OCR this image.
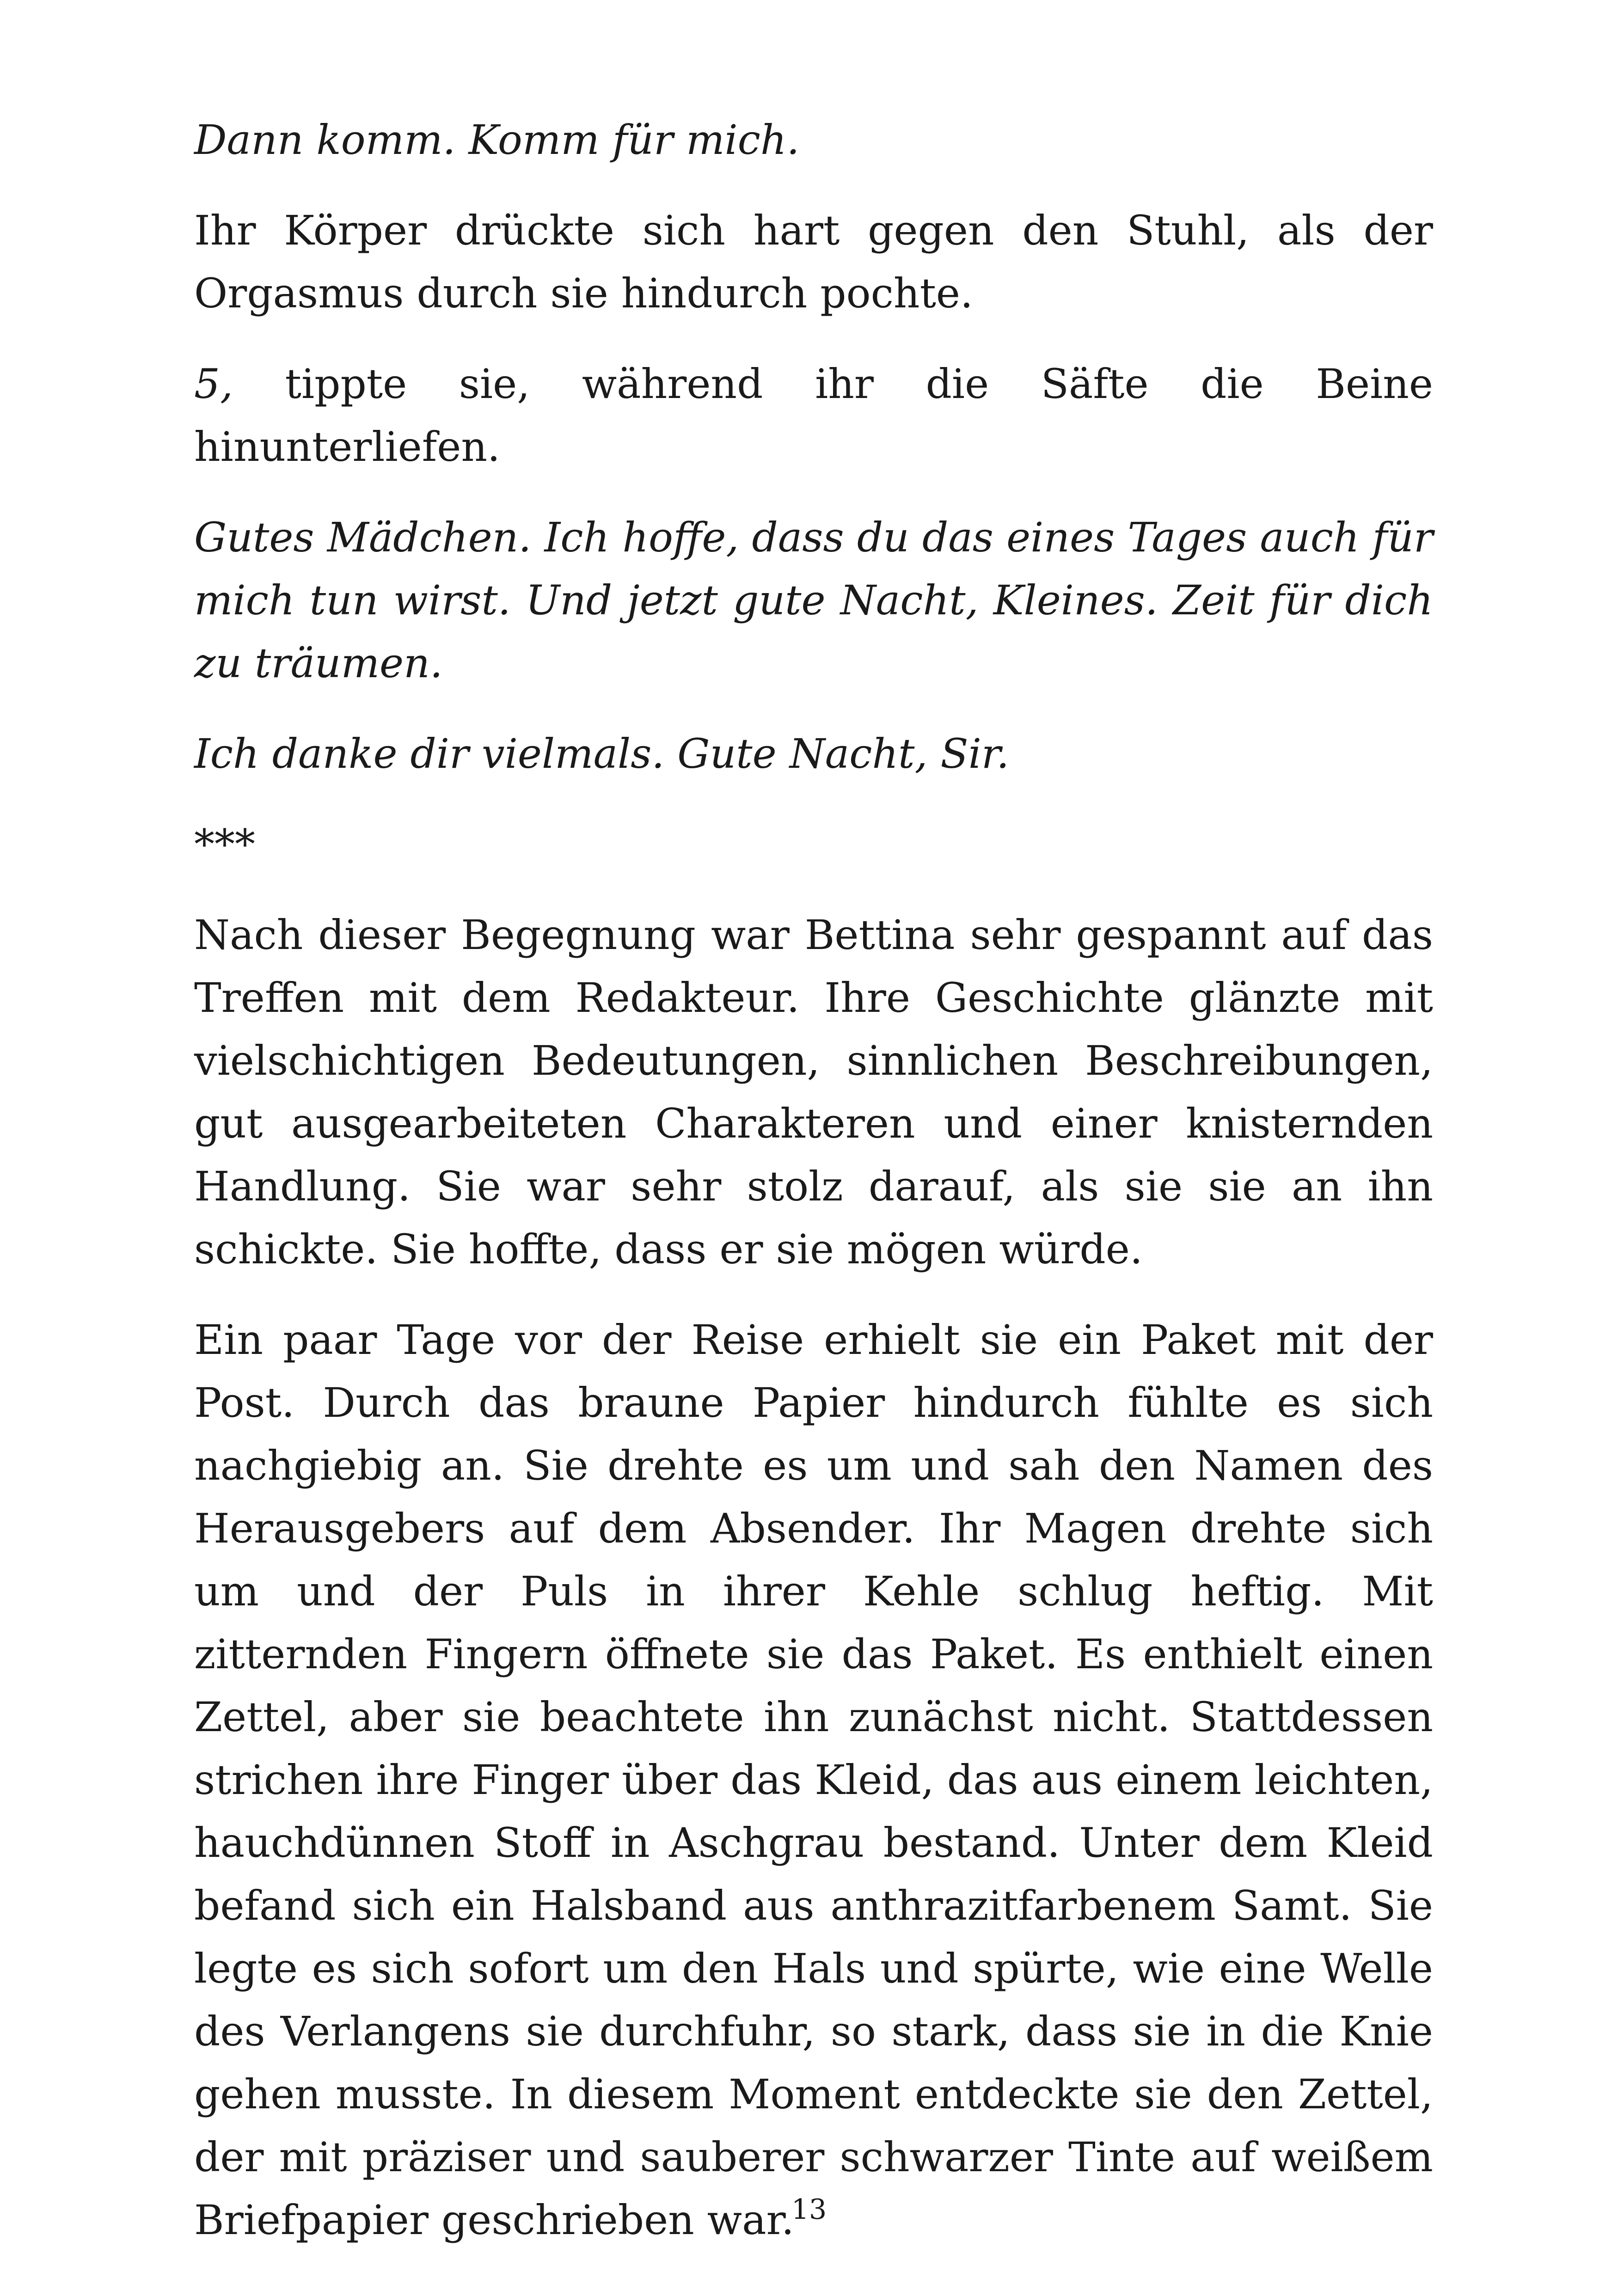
Dann komm. Komm für mich.

Ihr Körper drückte sich hart gegen den Stuhl, als der Orgasmus durch sie hindurch pochte.

5, tippte sie, während ihr die Säfte die Beine hinunterliefen.

Gutes Mädchen. Ich hoffe, dass du das eines Tages auch für mich tun wirst. Und jetzt gute Nacht, Kleines. Zeit für dich zu träumen.

Ich danke dir vielmals. Gute Nacht, Sir.

***

Nach dieser Begegnung war Bettina sehr gespannt auf das Treffen mit dem Redakteur. Ihre Geschichte glänzte mit vielschichtigen Bedeutungen, sinnlichen Beschreibungen, gut ausgearbeiteten Charakteren und einer knisternden Handlung. Sie war sehr stolz darauf, als sie sie an ihn schickte. Sie hoffte, dass er sie mögen würde.

Ein paar Tage vor der Reise erhielt sie ein Paket mit der Post. Durch das braune Papier hindurch fühlte es sich nachgiebig an. Sie drehte es um und sah den Namen des Herausgebers auf dem Absender. Ihr Magen drehte sich um und der Puls in ihrer Kehle schlug heftig. Mit zitternden Fingern öffnete sie das Paket. Es enthielt einen Zettel, aber sie beachtete ihn zunächst nicht. Stattdessen strichen ihre Finger über das Kleid, das aus einem leichten, hauchdünnen Stoff in Aschgrau bestand. Unter dem Kleid befand sich ein Halsband aus anthrazitfarbenem Samt. Sie legte es sich sofort um den Hals und spürte, wie eine Welle des Verlangens sie durchfuhr, so stark, dass sie in die Knie gehen musste. In diesem Moment entdeckte sie den Zettel, der mit präziser und sauberer schwarzer Tinte auf weißem Briefpapier geschrieben war.

13
